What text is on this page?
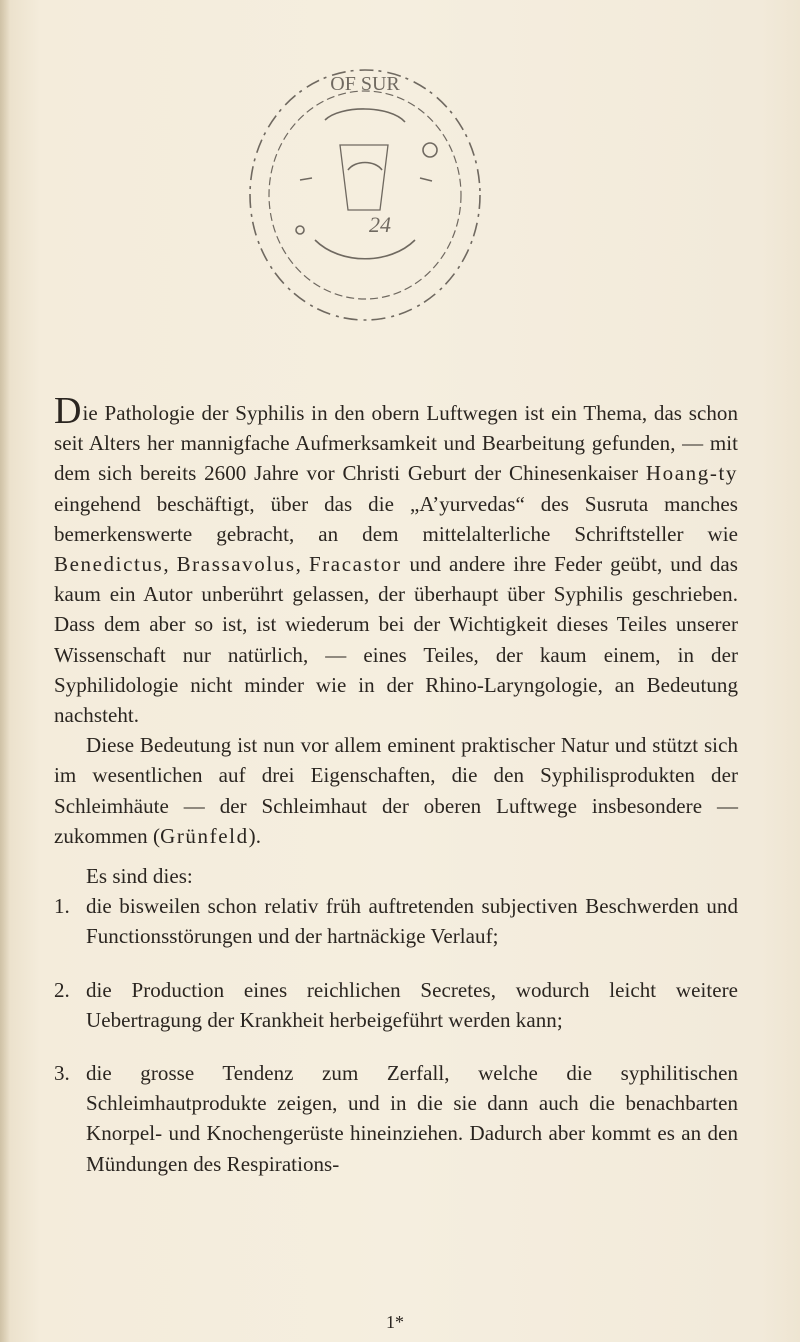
OF SUR
24

Die Pathologie der Syphilis in den obern Luftwegen ist ein Thema, das schon seit Alters her mannigfache Aufmerksamkeit und Bearbeitung gefunden, — mit dem sich bereits 2600 Jahre vor Christi Geburt der Chinesenkaiser Hoang-ty eingehend beschäftigt, über das die „A’yurvedas“ des Susruta manches bemerkenswerte gebracht, an dem mittelalterliche Schriftsteller wie Benedictus, Brassavolus, Fracastor und andere ihre Feder geübt, und das kaum ein Autor unberührt gelassen, der überhaupt über Syphilis geschrieben. Dass dem aber so ist, ist wiederum bei der Wichtigkeit dieses Teiles unserer Wissenschaft nur natürlich, — eines Teiles, der kaum einem, in der Syphilidologie nicht minder wie in der Rhino-Laryngologie, an Bedeutung nachsteht.

Diese Bedeutung ist nun vor allem eminent praktischer Natur und stützt sich im wesentlichen auf drei Eigenschaften, die den Syphilisprodukten der Schleimhäute — der Schleimhaut der oberen Luftwege insbesondere — zukommen (Grünfeld).

Es sind dies:
1. die bisweilen schon relativ früh auftretenden subjectiven Beschwerden und Functionsstörungen und der hartnäckige Verlauf;
2. die Production eines reichlichen Secretes, wodurch leicht weitere Uebertragung der Krankheit herbeigeführt werden kann;
3. die grosse Tendenz zum Zerfall, welche die syphilitischen Schleimhautprodukte zeigen, und in die sie dann auch die benachbarten Knorpel- und Knochengerüste hineinziehen. Dadurch aber kommt es an den Mündungen des Respirations-
1*
